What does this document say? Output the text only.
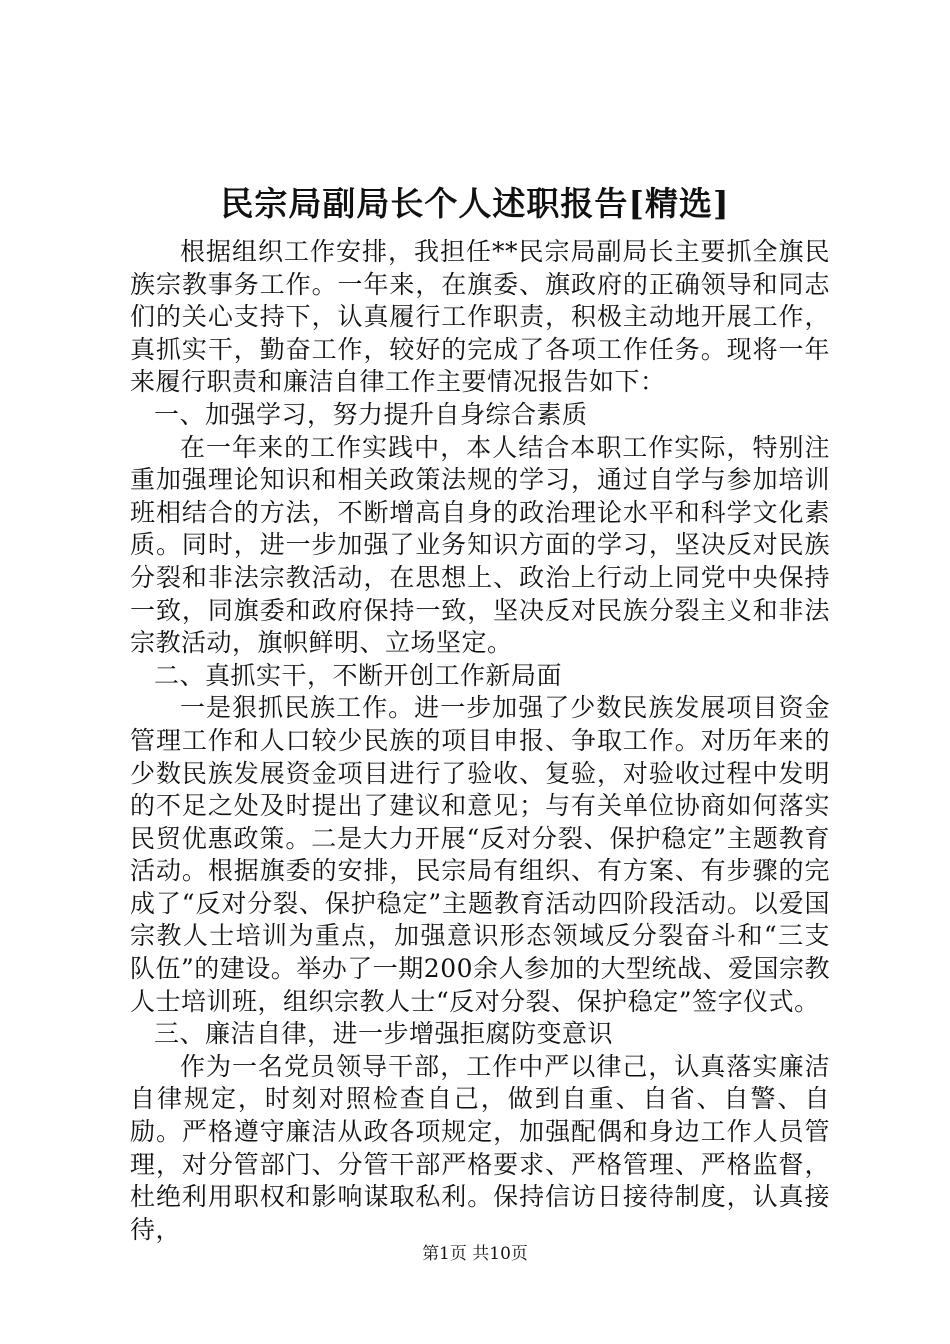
民宗局副局长个人述职报告[精选]

根据组织工作安排，我担任**民宗局副局长主要抓全旗民族宗教事务工作。一年来，在旗委、旗政府的正确领导和同志们的关心支持下，认真履行工作职责，积极主动地开展工作，真抓实干，勤奋工作，较好的完成了各项工作任务。现将一年来履行职责和廉洁自律工作主要情况报告如下：

一、加强学习，努力提升自身综合素质

在一年来的工作实践中，本人结合本职工作实际，特别注重加强理论知识和相关政策法规的学习，通过自学与参加培训班相结合的方法，不断增高自身的政治理论水平和科学文化素质。同时，进一步加强了业务知识方面的学习，坚决反对民族分裂和非法宗教活动，在思想上、政治上行动上同党中央保持一致，同旗委和政府保持一致，坚决反对民族分裂主义和非法宗教活动，旗帜鲜明、立场坚定。

二、真抓实干，不断开创工作新局面

一是狠抓民族工作。进一步加强了少数民族发展项目资金管理工作和人口较少民族的项目申报、争取工作。对历年来的少数民族发展资金项目进行了验收、复验，对验收过程中发明的不足之处及时提出了建议和意见；与有关单位协商如何落实民贸优惠政策。二是大力开展“反对分裂、保护稳定”主题教育活动。根据旗委的安排，民宗局有组织、有方案、有步骤的完成了“反对分裂、保护稳定”主题教育活动四阶段活动。以爱国宗教人士培训为重点，加强意识形态领域反分裂奋斗和“三支队伍”的建设。举办了一期200余人参加的大型统战、爱国宗教人士培训班，组织宗教人士“反对分裂、保护稳定”签字仪式。

三、廉洁自律，进一步增强拒腐防变意识

作为一名党员领导干部，工作中严以律己，认真落实廉洁自律规定，时刻对照检查自己，做到自重、自省、自警、自励。严格遵守廉洁从政各项规定，加强配偶和身边工作人员管理，对分管部门、分管干部严格要求、严格管理、严格监督，杜绝利用职权和影响谋取私利。保持信访日接待制度，认真接待，

第1页 共10页
